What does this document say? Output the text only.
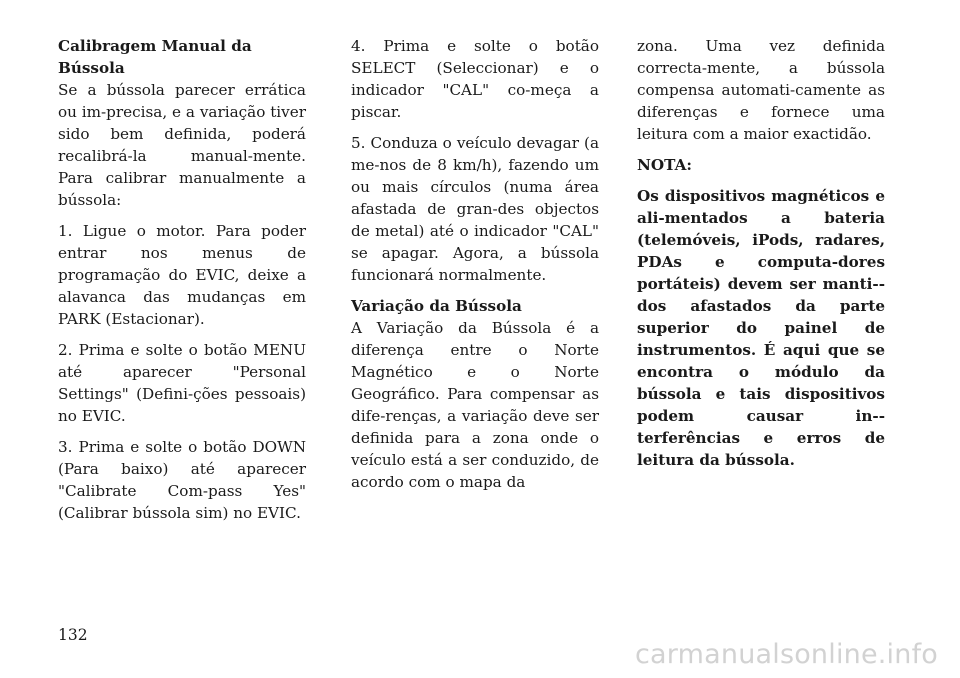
Calibragem Manual da Bússola

Se a bússola parecer errática ou im-precisa, e a variação tiver sido bem definida, poderá recalibrá-la manual-mente. Para calibrar manualmente a bússola:

1. Ligue o motor. Para poder entrar nos menus de programação do EVIC, deixe a alavanca das mudanças em PARK (Estacionar).

2. Prima e solte o botão MENU até aparecer "Personal Settings" (Defini-ções pessoais) no EVIC.

3. Prima e solte o botão DOWN (Para baixo) até aparecer "Calibrate Com-pass Yes" (Calibrar bússola sim) no EVIC.

4. Prima e solte o botão SELECT (Seleccionar) e o indicador "CAL" co-meça a piscar.

5. Conduza o veículo devagar (a me-nos de 8 km/h), fazendo um ou mais círculos (numa área afastada de gran-des objectos de metal) até o indicador "CAL" se apagar. Agora, a bússola funcionará normalmente.

Variação da Bússola

A Variação da Bússola é a diferença entre o Norte Magnético e o Norte Geográfico. Para compensar as dife-renças, a variação deve ser definida para a zona onde o veículo está a ser conduzido, de acordo com o mapa da

zona. Uma vez definida correcta-mente, a bússola compensa automati-camente as diferenças e fornece uma leitura com a maior exactidão.

NOTA:

Os dispositivos magnéticos e ali-mentados a bateria (telemóveis, iPods, radares, PDAs e computa-dores portáteis) devem ser manti-dos afastados da parte superior do painel de instrumentos. É aqui que se encontra o módulo da bússola e tais dispositivos podem causar in-terferências e erros de leitura da bússola.

132
carmanualsonline.info
